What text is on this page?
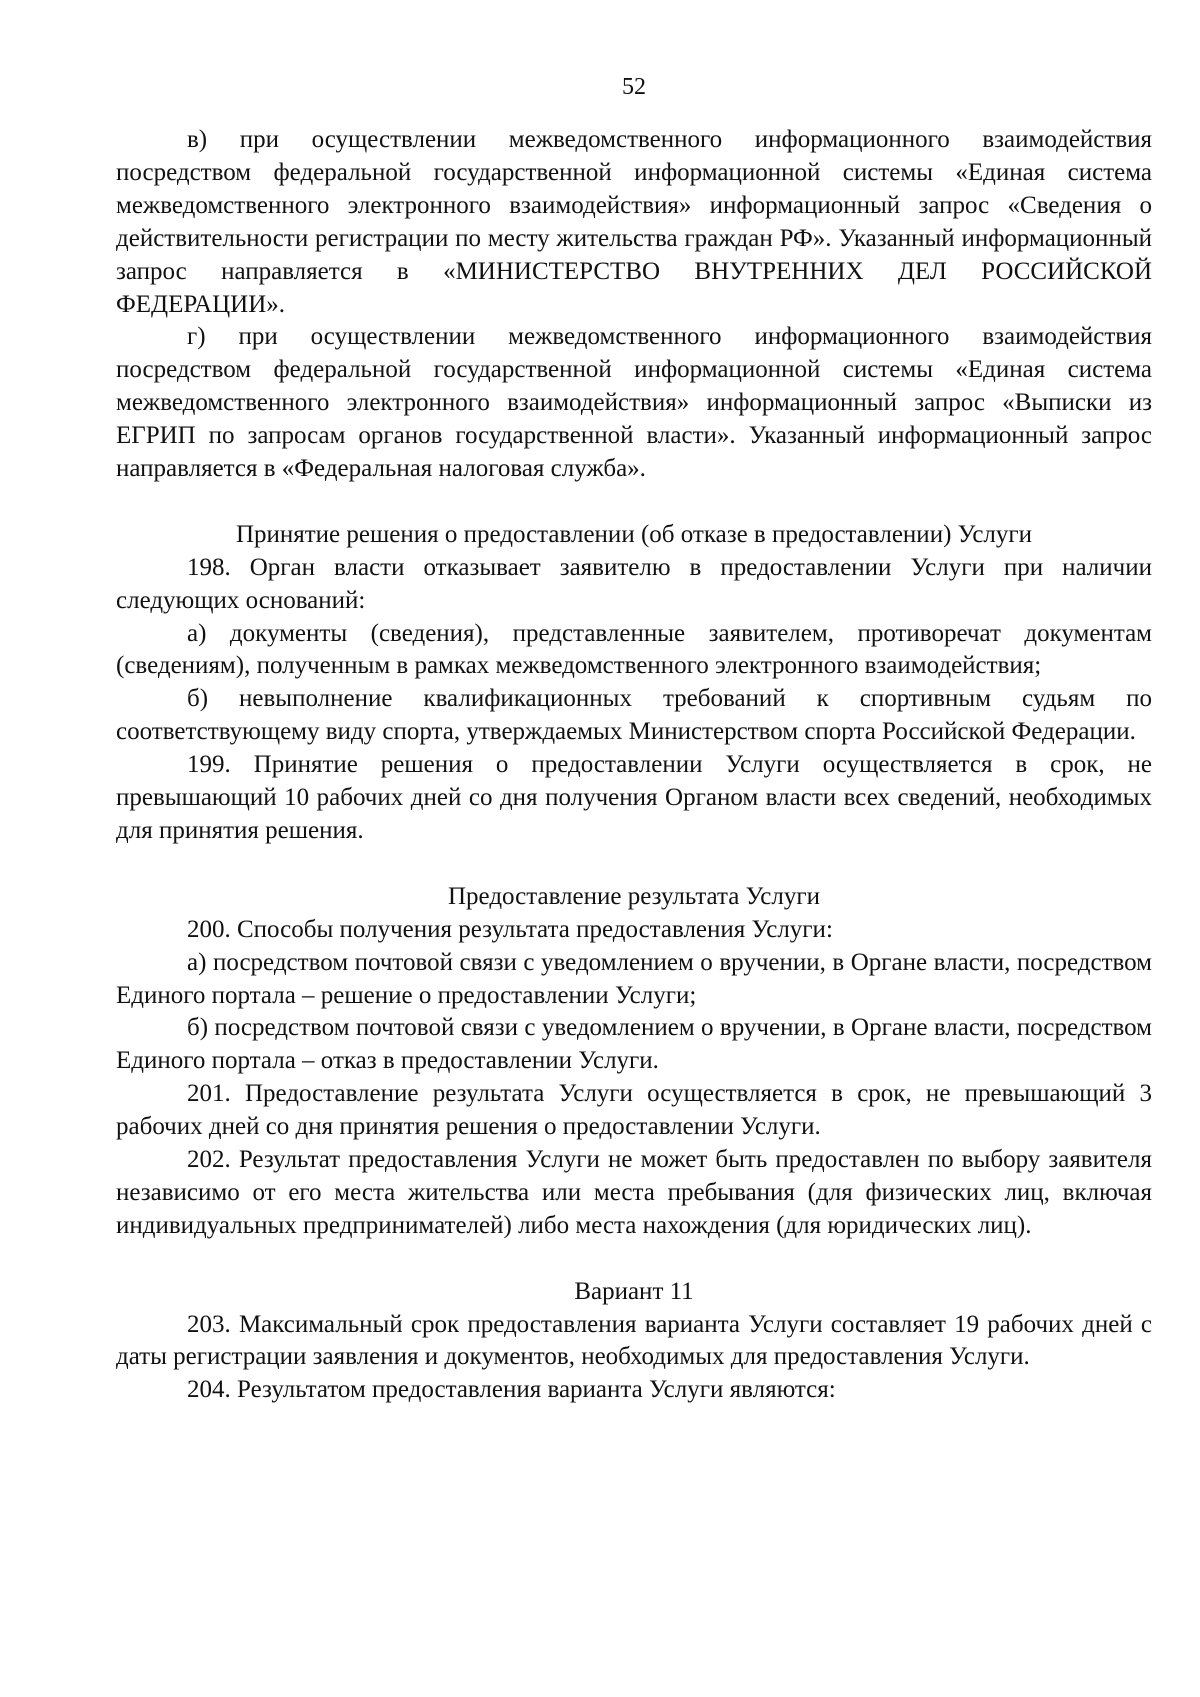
52

в) при осуществлении межведомственного информационного взаимодействия посредством федеральной государственной информационной системы «Единая система межведомственного электронного взаимодействия» информационный запрос «Сведения о действительности регистрации по месту жительства граждан РФ». Указанный информационный запрос направляется в «МИНИСТЕРСТВО ВНУТРЕННИХ ДЕЛ РОССИЙСКОЙ ФЕДЕРАЦИИ».

г) при осуществлении межведомственного информационного взаимодействия посредством федеральной государственной информационной системы «Единая система межведомственного электронного взаимодействия» информационный запрос «Выписки из ЕГРИП по запросам органов государственной власти». Указанный информационный запрос направляется в «Федеральная налоговая служба».

Принятие решения о предоставлении (об отказе в предоставлении) Услуги

198. Орган власти отказывает заявителю в предоставлении Услуги при наличии следующих оснований:

а) документы (сведения), представленные заявителем, противоречат документам (сведениям), полученным в рамках межведомственного электронного взаимодействия;

б) невыполнение квалификационных требований к спортивным судьям по соответствующему виду спорта, утверждаемых Министерством спорта Российской Федерации.

199. Принятие решения о предоставлении Услуги осуществляется в срок, не превышающий 10 рабочих дней со дня получения Органом власти всех сведений, необходимых для принятия решения.

Предоставление результата Услуги

200. Способы получения результата предоставления Услуги:

а) посредством почтовой связи с уведомлением о вручении, в Органе власти, посредством Единого портала – решение о предоставлении Услуги;

б) посредством почтовой связи с уведомлением о вручении, в Органе власти, посредством Единого портала – отказ в предоставлении Услуги.

201. Предоставление результата Услуги осуществляется в срок, не превышающий 3 рабочих дней со дня принятия решения о предоставлении Услуги.

202. Результат предоставления Услуги не может быть предоставлен по выбору заявителя независимо от его места жительства или места пребывания (для физических лиц, включая индивидуальных предпринимателей) либо места нахождения (для юридических лиц).

Вариант 11

203. Максимальный срок предоставления варианта Услуги составляет 19 рабочих дней с даты регистрации заявления и документов, необходимых для предоставления Услуги.

204. Результатом предоставления варианта Услуги являются:
